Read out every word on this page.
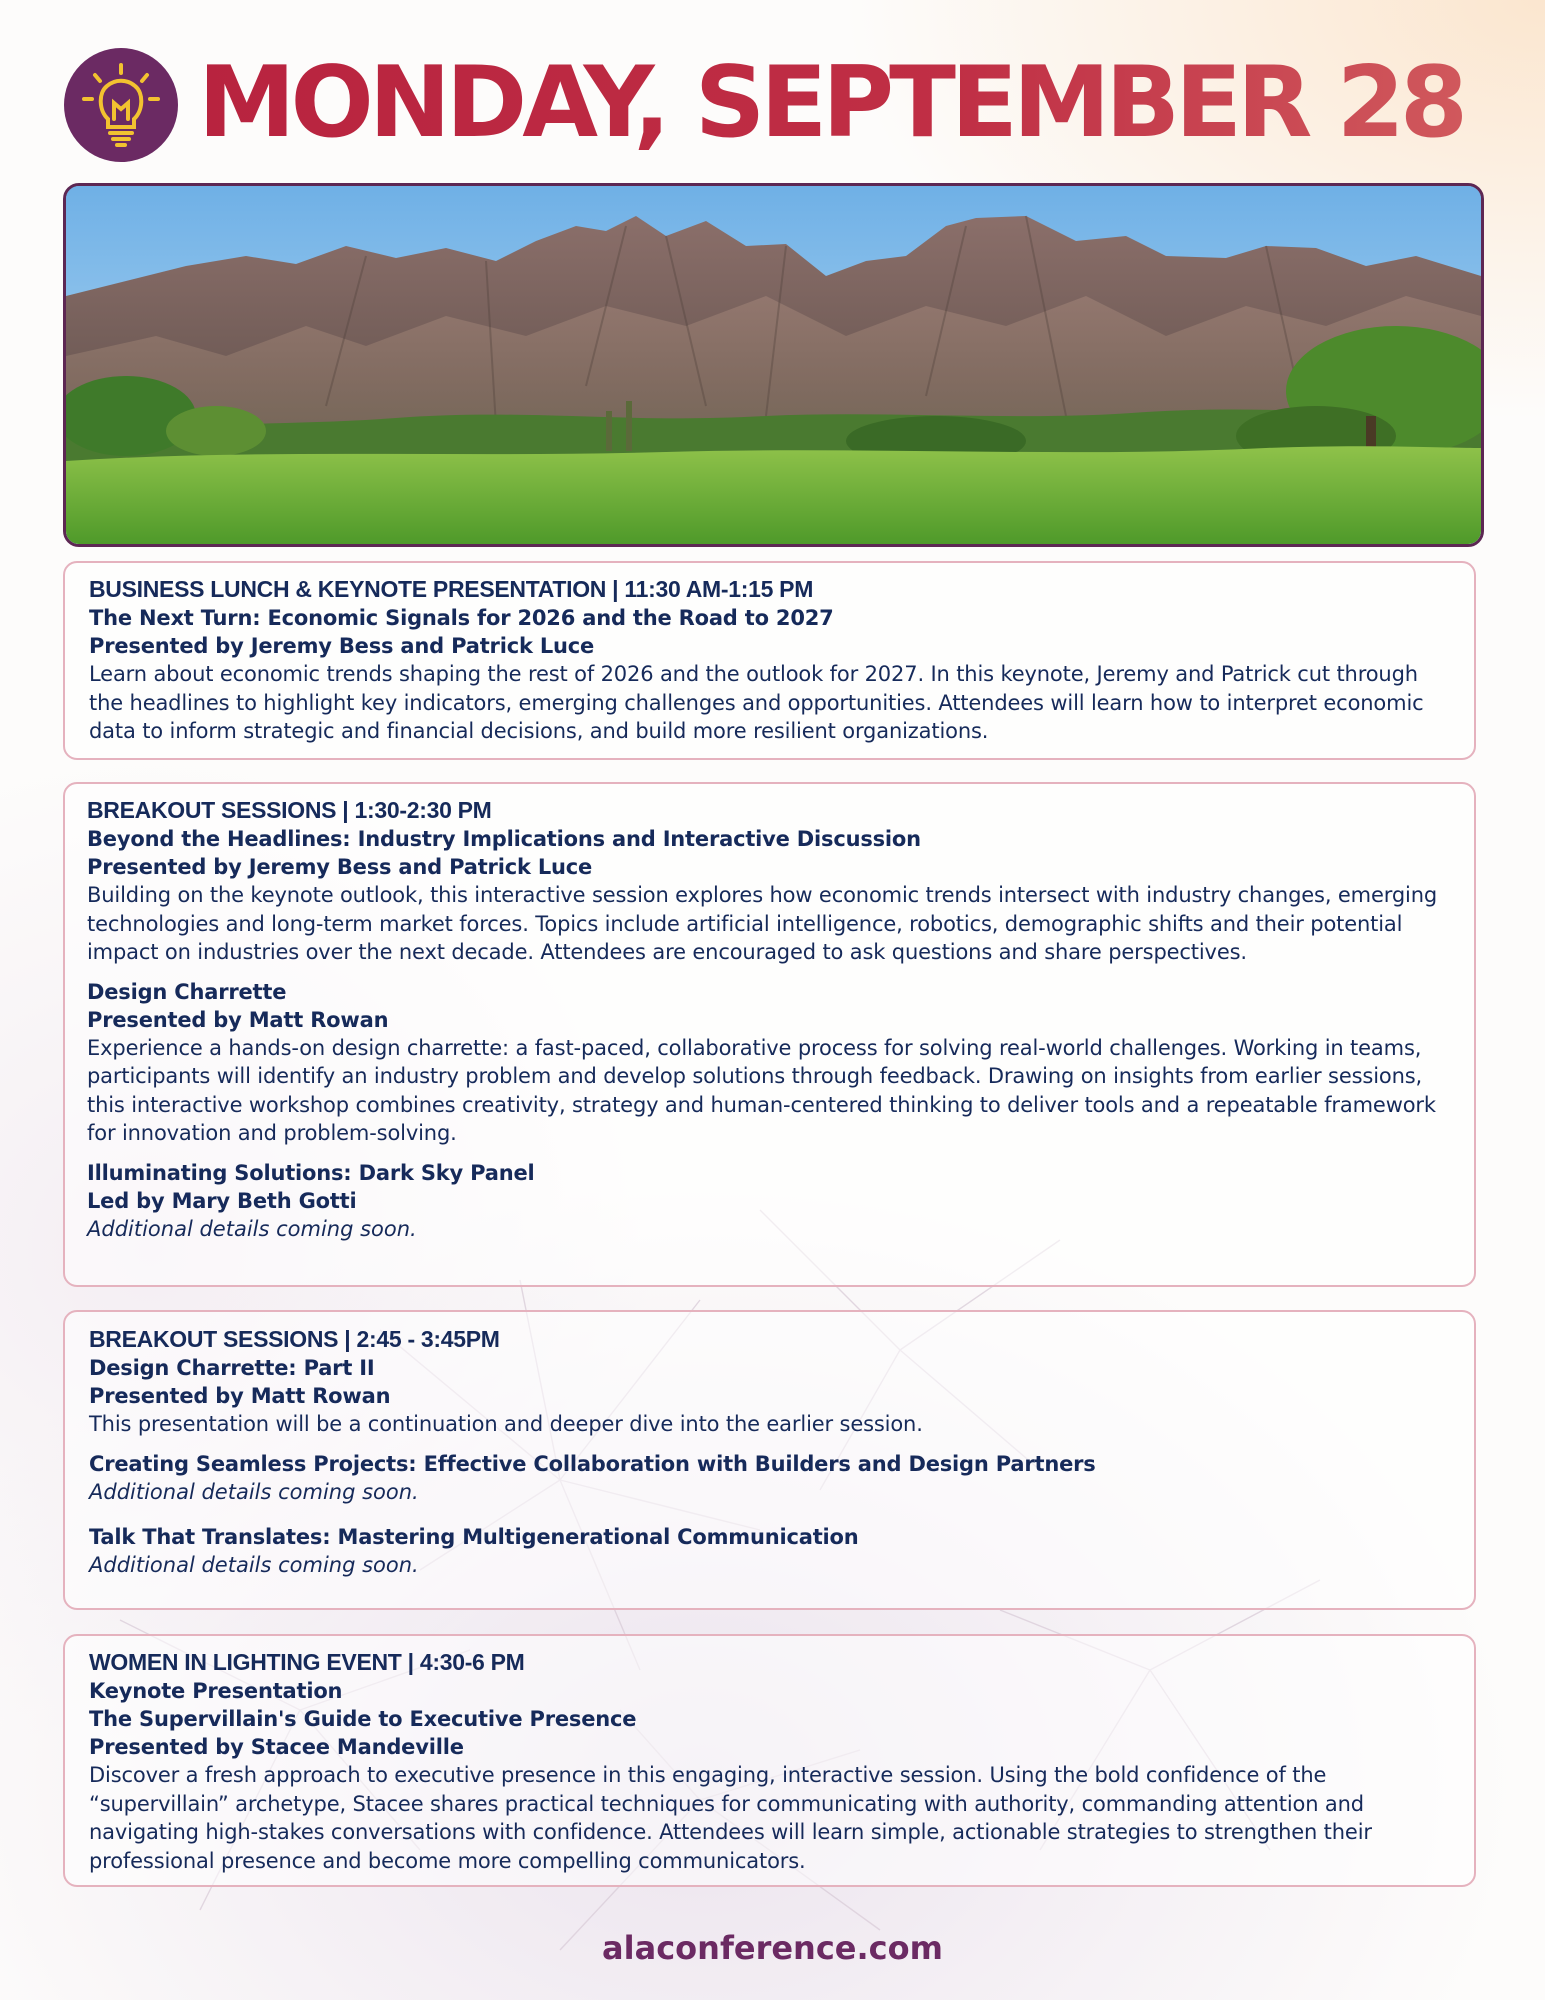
MONDAY, SEPTEMBER 28
BUSINESS LUNCH & KEYNOTE PRESENTATION | 11:30 AM-1:15 PM
The Next Turn: Economic Signals for 2026 and the Road to 2027
Presented by Jeremy Bess and Patrick Luce
Learn about economic trends shaping the rest of 2026 and the outlook for 2027. In this keynote, Jeremy and Patrick cut through the headlines to highlight key indicators, emerging challenges and opportunities. Attendees will learn how to interpret economic data to inform strategic and financial decisions, and build more resilient organizations.
BREAKOUT SESSIONS | 1:30-2:30 PM
Beyond the Headlines: Industry Implications and Interactive Discussion
Presented by Jeremy Bess and Patrick Luce
Building on the keynote outlook, this interactive session explores how economic trends intersect with industry changes, emerging technologies and long-term market forces. Topics include artificial intelligence, robotics, demographic shifts and their potential impact on industries over the next decade. Attendees are encouraged to ask questions and share perspectives.
Design Charrette
Presented by Matt Rowan
Experience a hands-on design charrette: a fast-paced, collaborative process for solving real-world challenges. Working in teams, participants will identify an industry problem and develop solutions through feedback. Drawing on insights from earlier sessions, this interactive workshop combines creativity, strategy and human-centered thinking to deliver tools and a repeatable framework for innovation and problem-solving.
Illuminating Solutions: Dark Sky Panel
Led by Mary Beth Gotti
Additional details coming soon.
BREAKOUT SESSIONS | 2:45 - 3:45PM
Design Charrette: Part II
Presented by Matt Rowan
This presentation will be a continuation and deeper dive into the earlier session.
Creating Seamless Projects: Effective Collaboration with Builders and Design Partners
Additional details coming soon.
Talk That Translates: Mastering Multigenerational Communication
Additional details coming soon.
WOMEN IN LIGHTING EVENT | 4:30-6 PM
Keynote Presentation
The Supervillain's Guide to Executive Presence
Presented by Stacee Mandeville
Discover a fresh approach to executive presence in this engaging, interactive session. Using the bold confidence of the “supervillain” archetype, Stacee shares practical techniques for communicating with authority, commanding attention and navigating high-stakes conversations with confidence. Attendees will learn simple, actionable strategies to strengthen their professional presence and become more compelling communicators.
alaconference.com
